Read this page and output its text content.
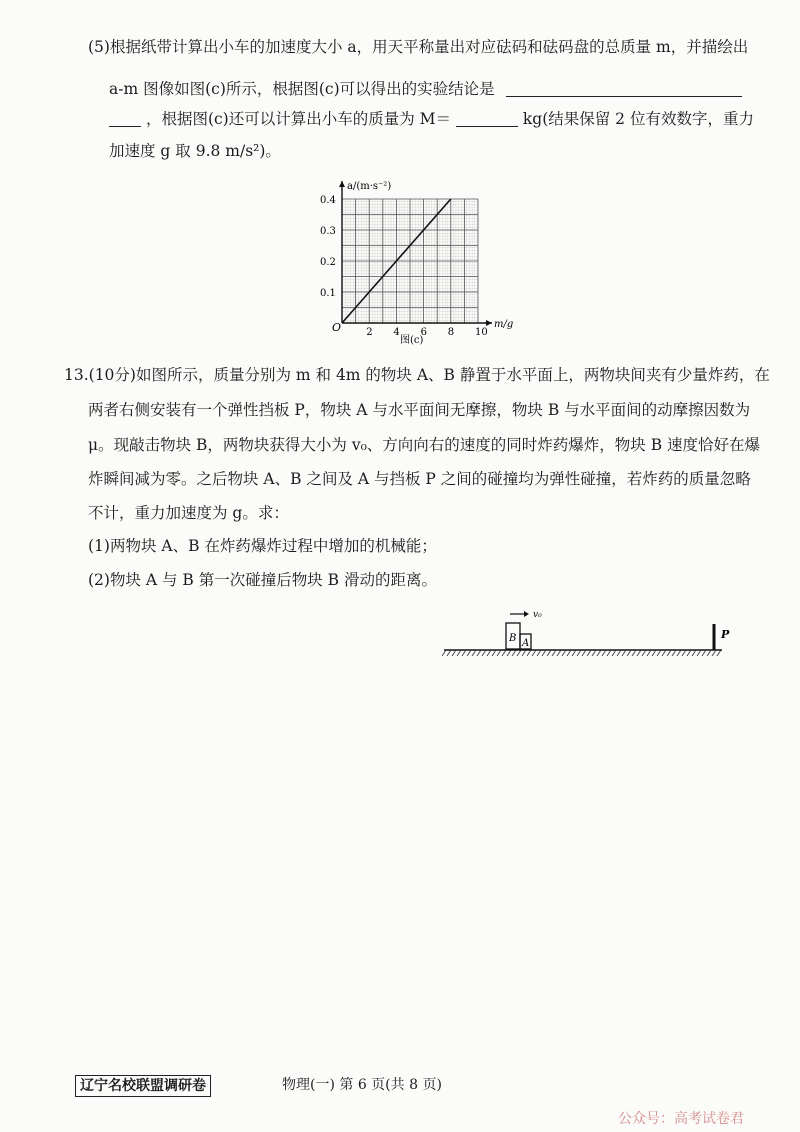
(5)根据纸带计算出小车的加速度大小 a，用天平称量出对应砝码和砝码盘的总质量 m，并描绘出
a-m 图像如图(c)所示，根据图(c)可以得出的实验结论是
，根据图(c)还可以计算出小车的质量为 M＝	kg(结果保留 2 位有效数字，重力
加速度 g 取 9.8 m/s²)。
2 4 6 8 10
0.1
0.2
0.3
0.4
O
a/(m·s⁻²)
m/g
图(c)
13.(10分)如图所示，质量分别为 m 和 4m 的物块 A、B 静置于水平面上，两物块间夹有少量炸药，在
两者右侧安装有一个弹性挡板 P，物块 A 与水平面间无摩擦，物块 B 与水平面间的动摩擦因数为
μ。现敲击物块 B，两物块获得大小为 v₀、方向向右的速度的同时炸药爆炸，物块 B 速度恰好在爆
炸瞬间减为零。之后物块 A、B 之间及 A 与挡板 P 之间的碰撞均为弹性碰撞，若炸药的质量忽略
不计，重力加速度为 g。求：
(1)两物块 A、B 在炸药爆炸过程中增加的机械能；
(2)物块 A 与 B 第一次碰撞后物块 B 滑动的距离。
v₀
B A
P
辽宁名校联盟调研卷	物理(一) 第 6 页(共 8 页)
公众号：高考试卷君
